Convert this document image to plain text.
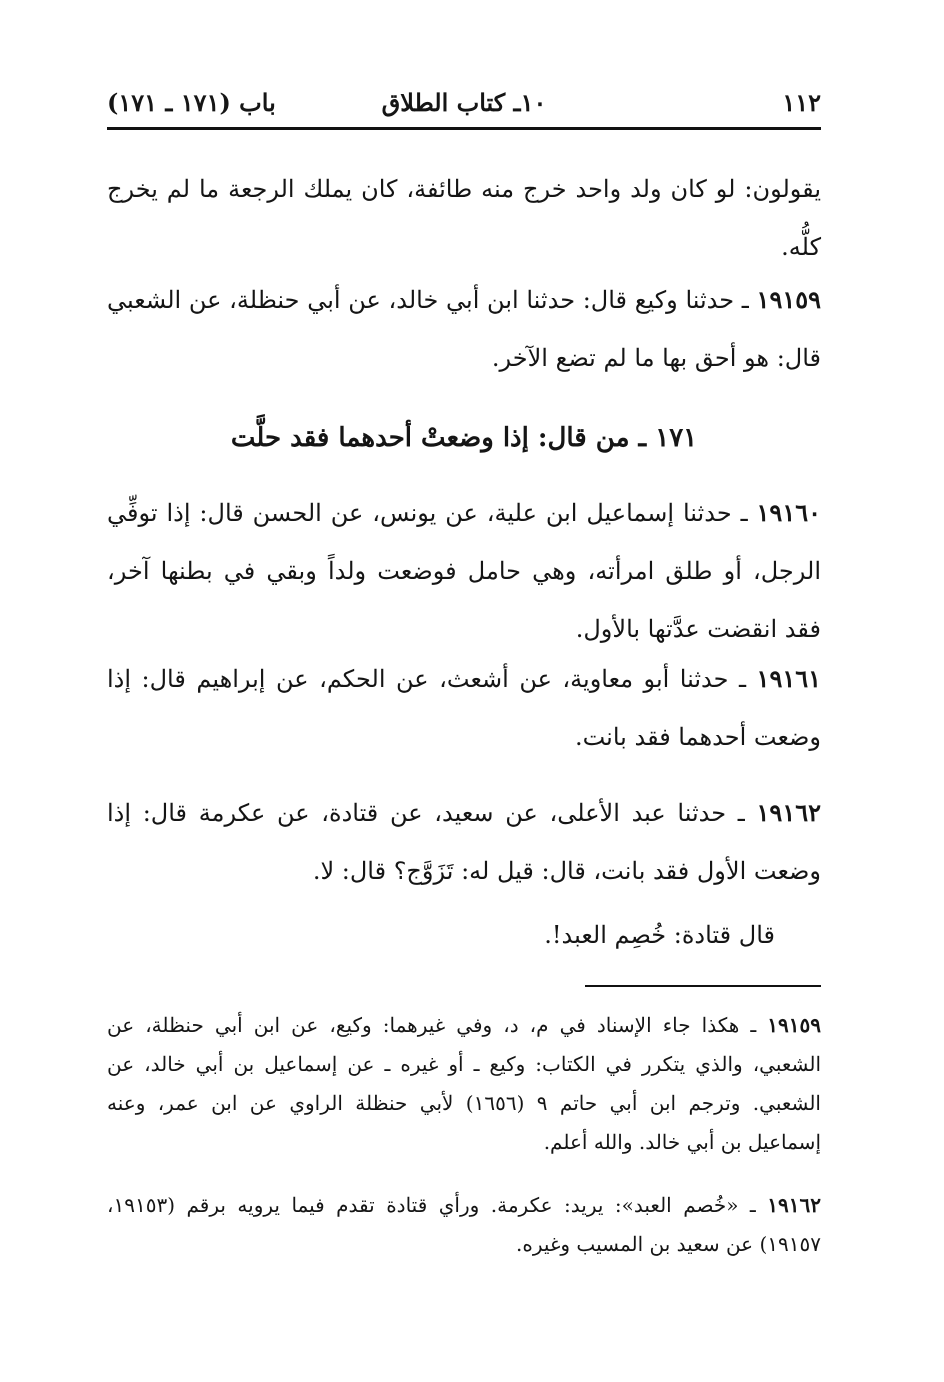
١١٢
١٠ـ كتاب الطلاق
باب (١٧١ ـ ١٧١)

يقولون: لو كان ولد واحد خرج منه طائفة، كان يملك الرجعة ما لم يخرج كلُّه.

١٩١٥٩ ـ حدثنا وكيع قال: حدثنا ابن أبي خالد، عن أبي حنظلة، عن الشعبي قال: هو أحق بها ما لم تضع الآخر.

١٧١ ـ من قال: إذا وضعتْ أحدهما فقد حلَّت

١٩١٦٠ ـ حدثنا إسماعيل ابن علية، عن يونس، عن الحسن قال: إذا توفِّي الرجل، أو طلق امرأته، وهي حامل فوضعت ولداً وبقي في بطنها آخر، فقد انقضت عدَّتها بالأول.

١٩١٦١ ـ حدثنا أبو معاوية، عن أشعث، عن الحكم، عن إبراهيم قال: إذا وضعت أحدهما فقد بانت.

١٩١٦٢ ـ حدثنا عبد الأعلى، عن سعيد، عن قتادة، عن عكرمة قال: إذا وضعت الأول فقد بانت، قال: قيل له: تَزَوَّج؟ قال: لا.

قال قتادة: خُصِم العبد!.

١٩١٥٩ ـ هكذا جاء الإسناد في م، د، وفي غيرهما: وكيع، عن ابن أبي حنظلة، عن الشعبي، والذي يتكرر في الكتاب: وكيع ـ أو غيره ـ عن إسماعيل بن أبي خالد، عن الشعبي. وترجم ابن أبي حاتم ٩ (١٦٥٦) لأبي حنظلة الراوي عن ابن عمر، وعنه إسماعيل بن أبي خالد. والله أعلم.

١٩١٦٢ ـ «خُصم العبد»: يريد: عكرمة. ورأي قتادة تقدم فيما يرويه برقم (١٩١٥٣، ١٩١٥٧) عن سعيد بن المسيب وغيره.
